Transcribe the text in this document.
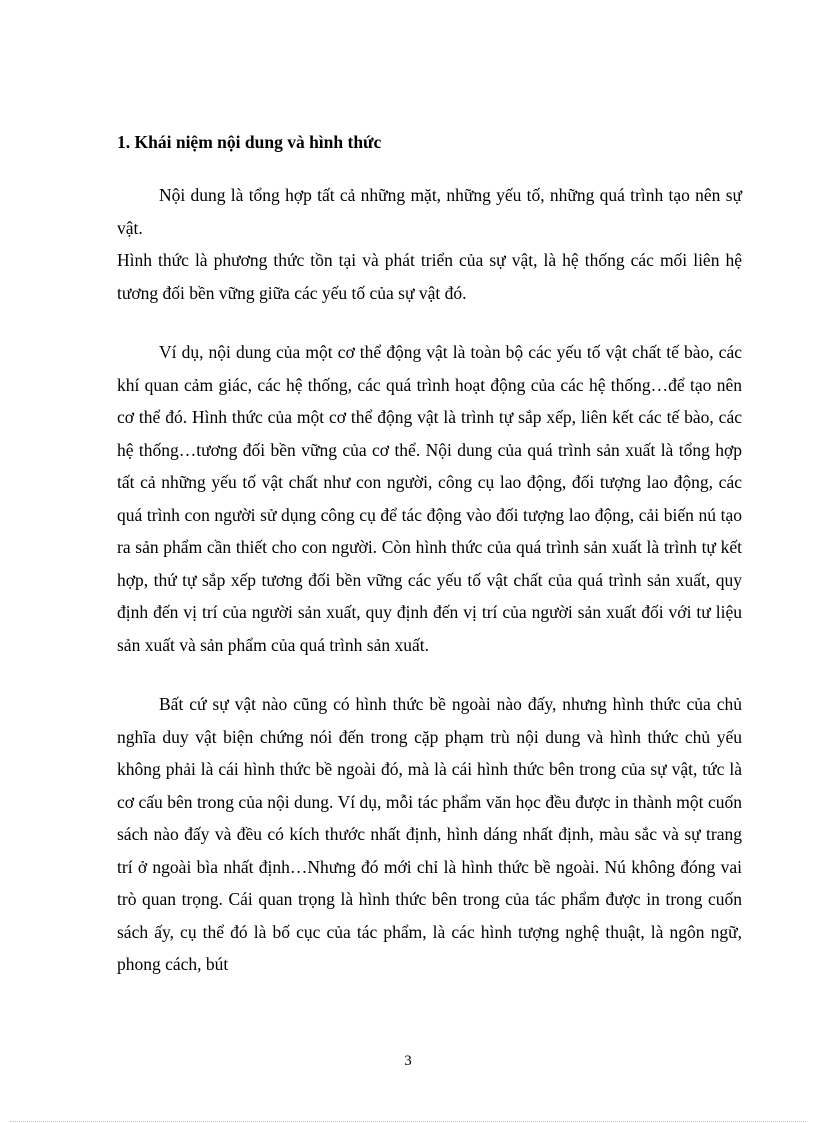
1. Khái niệm nội dung và hình thức

Nội dung là tổng hợp tất cả những mặt, những yếu tố, những quá trình tạo nên sự vật.

Hình thức là phương thức tồn tại và phát triển của sự vật, là hệ thống các mối liên hệ tương đối bền vững giữa các yếu tố của sự vật đó.

Ví dụ, nội dung của một cơ thể động vật là toàn bộ các yếu tố vật chất tế bào, các khí quan cảm giác, các hệ thống, các quá trình hoạt động của các hệ thống…để tạo nên cơ thể đó. Hình thức của một cơ thể động vật là trình tự sắp xếp, liên kết các tế bào, các hệ thống…tương đối bền vững của cơ thể. Nội dung của quá trình sản xuất là tổng hợp tất cả những yếu tố vật chất như con người, công cụ lao động, đối tượng lao động, các quá trình con người sử dụng công cụ để tác động vào đối tượng lao động, cải biến nú tạo ra sản phẩm cần thiết cho con người. Còn hình thức của quá trình sản xuất là trình tự kết hợp, thứ tự sắp xếp tương đối bền vững các yếu tố vật chất của quá trình sản xuất, quy định đến vị trí của người sản xuất, quy định đến vị trí của người sản xuất đối với tư liệu sản xuất và sản phẩm của quá trình sản xuất.

Bất cứ sự vật nào cũng có hình thức bề ngoài nào đấy, nhưng hình thức của chủ nghĩa duy vật biện chứng nói đến trong cặp phạm trù nội dung và hình thức chủ yếu không phải là cái hình thức bề ngoài đó, mà là cái hình thức bên trong của sự vật, tức là cơ cấu bên trong của nội dung. Ví dụ, mỗi tác phẩm văn học đều được in thành một cuốn sách nào đấy và đều có kích thước nhất định, hình dáng nhất định, màu sắc và sự trang trí ở ngoài bìa nhất định…Nhưng đó mới chỉ là hình thức bề ngoài. Nú không đóng vai trò quan trọng. Cái quan trọng là hình thức bên trong của tác phẩm được in trong cuốn sách ấy, cụ thể đó là bố cục của tác phẩm, là các hình tượng nghệ thuật, là ngôn ngữ, phong cách, bút

3
